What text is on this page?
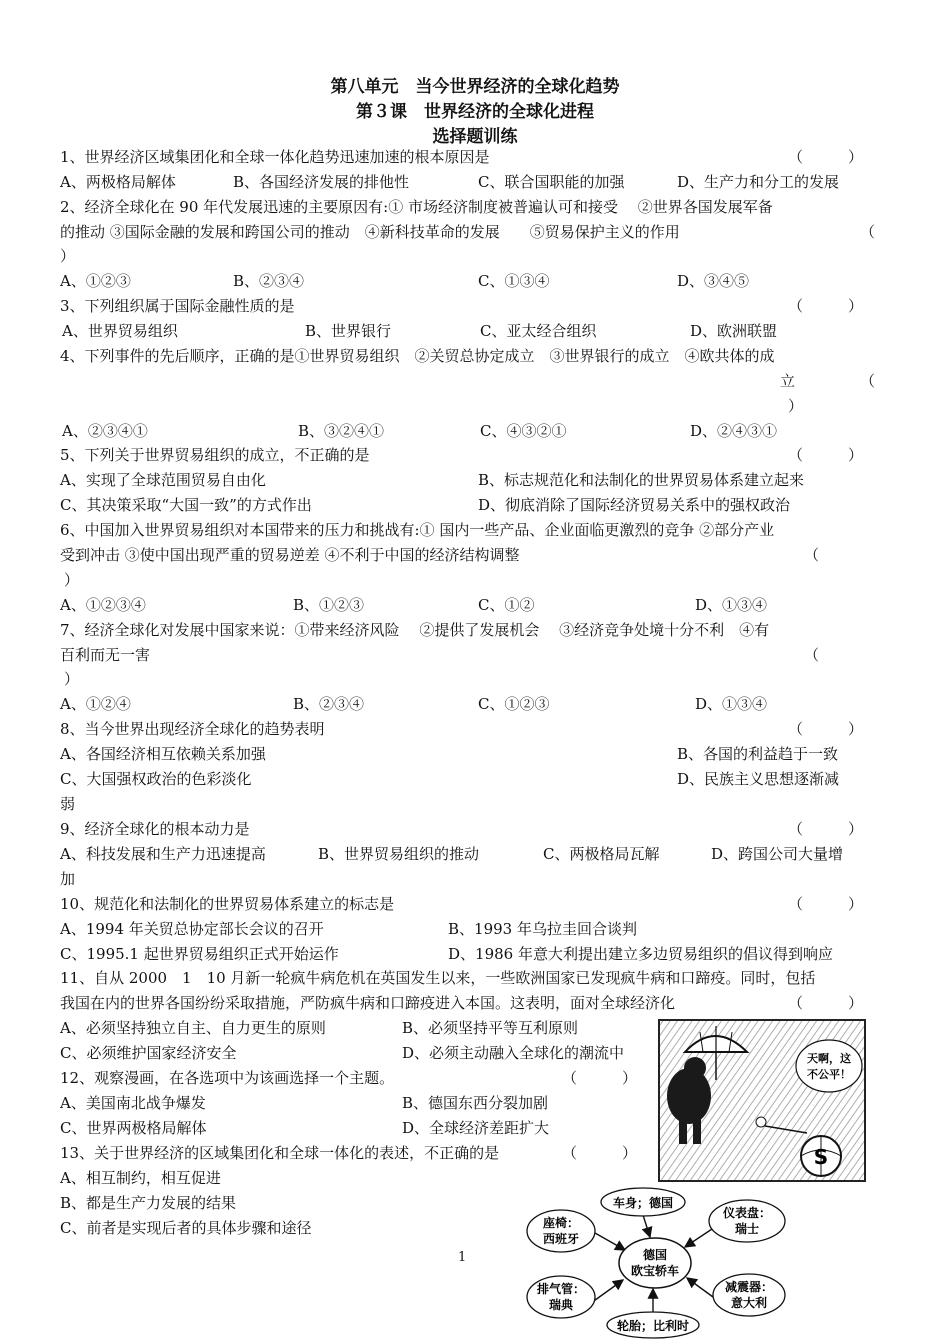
第八单元　当今世界经济的全球化趋势
第３课　世界经济的全球化进程
选择题训练
1、世界经济区域集团化和全球一体化趋势迅速加速的根本原因是	（　　　）
A、两极格局解体	B、各国经济发展的排他性	C、联合国职能的加强	D、生产力和分工的发展
2、经济全球化在 90 年代发展迅速的主要原因有:① 市场经济制度被普遍认可和接受　 ②世界各国发展军备
的推动 ③国际金融的发展和跨国公司的推动　④新科技革命的发展　　⑤贸易保护主义的作用	（
）
A、①②③	B、②③④	C、①③④	D、③④⑤
3、下列组织属于国际金融性质的是	（　　　）
A、世界贸易组织	B、世界银行	C、亚太经合组织	D、欧洲联盟
4、下列事件的先后顺序，正确的是①世界贸易组织　②关贸总协定成立　③世界银行的成立　④欧共体的成
立	（
）
A、②③④①	B、③②④①	C、④③②①	D、②④③①
5、下列关于世界贸易组织的成立，不正确的是	（　　　）
A、实现了全球范围贸易自由化	B、标志规范化和法制化的世界贸易体系建立起来
C、其决策采取“大国一致”的方式作出	D、彻底消除了国际经济贸易关系中的强权政治
6、中国加入世界贸易组织对本国带来的压力和挑战有:① 国内一些产品、企业面临更激烈的竞争 ②部分产业
受到冲击 ③使中国出现严重的贸易逆差 ④不利于中国的经济结构调整	（
）
A、①②③④	B、①②③	C、①②	D、①③④
7、经济全球化对发展中国家来说：①带来经济风险　 ②提供了发展机会　 ③经济竞争处境十分不利　④有
百利而无一害	（
）
A、①②④	B、②③④	C、①②③	D、①③④
8、当今世界出现经济全球化的趋势表明	（　　　）
A、各国经济相互依赖关系加强	B、各国的利益趋于一致
C、大国强权政治的色彩淡化	D、民族主义思想逐渐减
弱
9、经济全球化的根本动力是	（　　　）
A、科技发展和生产力迅速提高	B、世界贸易组织的推动	C、两极格局瓦解	D、跨国公司大量增
加
10、规范化和法制化的世界贸易体系建立的标志是	（　　　）
A、1994 年关贸总协定部长会议的召开	B、1993 年乌拉圭回合谈判
C、1995.1 起世界贸易组织正式开始运作	D、1986 年意大利提出建立多边贸易组织的倡议得到响应
11、自从 2000　1　10 月新一轮疯牛病危机在英国发生以来，一些欧洲国家已发现疯牛病和口蹄疫。同时，包括
我国在内的世界各国纷纷采取措施，严防疯牛病和口蹄疫进入本国。这表明，面对全球经济化	（　　　）
A、必须坚持独立自主、自力更生的原则	B、必须坚持平等互利原则
C、必须维护国家经济安全	D、必须主动融入全球化的潮流中
12、观察漫画，在各选项中为该画选择一个主题。	（　　　）
A、美国南北战争爆发	B、德国东西分裂加剧
C、世界两极格局解体	D、全球经济差距扩大
13、关于世界经济的区域集团化和全球一体化的表述，不正确的是	（　　　）
A、相互制约，相互促进
B、都是生产力发展的结果
C、前者是实现后者的具体步骤和途径
1
天啊，这
不公平！
S
德国
欧宝轿车
车身；德国
座椅：
西班牙
仪表盘：
瑞士
排气管：
瑞典
减震器：
意大利
轮胎；比利时
